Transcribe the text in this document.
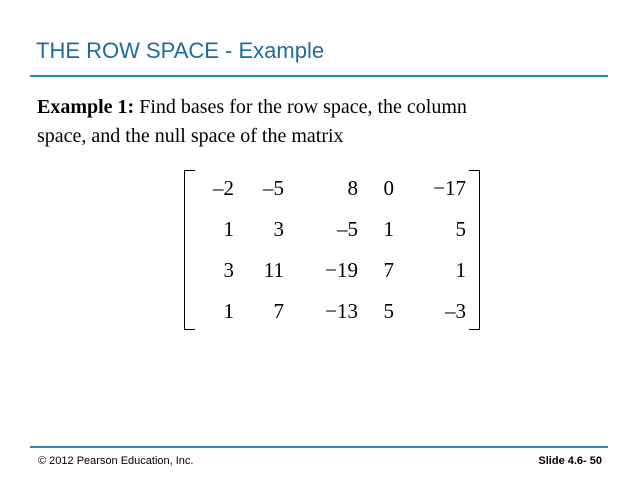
THE ROW SPACE - Example
Example 1: Find bases for the row space, the column
space, and the null space of the matrix
–2	–5	8	0	−17
1	3	–5	1	5
3	11	−19	7	1
1	7	−13	5	–3
© 2012 Pearson Education, Inc.	Slide 4.6- 50
